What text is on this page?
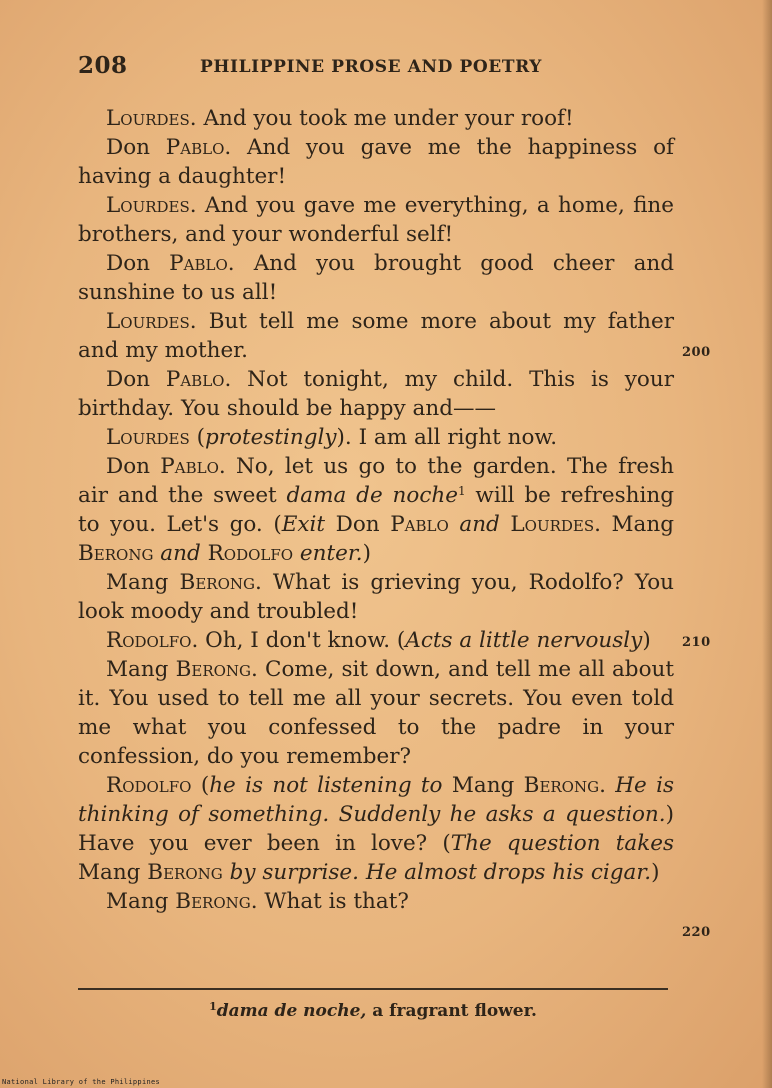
208	PHILIPPINE PROSE AND POETRY

Lourdes. And you took me under your roof!

Don Pablo. And you gave me the happiness of having a daughter!

Lourdes. And you gave me everything, a home, fine brothers, and your wonderful self!

Don Pablo. And you brought good cheer and sunshine to us all!

Lourdes. But tell me some more about my father and my mother.

Don Pablo. Not tonight, my child. This is your birthday. You should be happy and——

Lourdes (protestingly). I am all right now.

Don Pablo. No, let us go to the garden. The fresh air and the sweet dama de noche$^1$ will be refreshing to you. Let's go. (Exit Don Pablo and Lourdes. Mang Berong and Rodolfo enter.)

Mang Berong. What is grieving you, Rodolfo? You look moody and troubled!

Rodolfo. Oh, I don't know. (Acts a little nervously)

Mang Berong. Come, sit down, and tell me all about it. You used to tell me all your secrets. You even told me what you confessed to the padre in your confession, do you remember?

Rodolfo (he is not listening to Mang Berong. He is thinking of something. Suddenly he asks a question.) Have you ever been in love? (The question takes Mang Berong by surprise. He almost drops his cigar.)

Mang Berong. What is that?

200
210
220
$^1$dama de noche, a fragrant flower.
National Library of the Philippines
